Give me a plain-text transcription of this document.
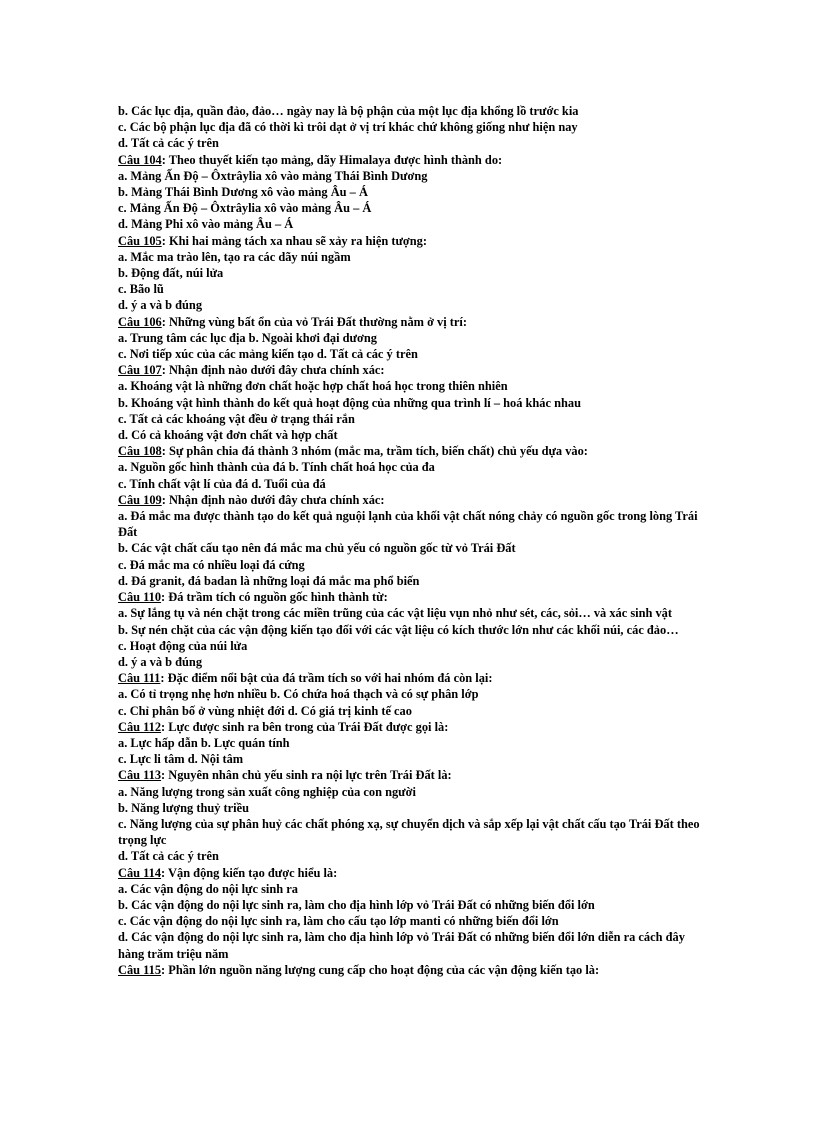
b. Các lục địa, quần đảo, đảo… ngày nay là bộ phận của một lục địa khổng lồ trước kia
c. Các bộ phận lục địa đã có thời kì trôi dạt ở vị trí khác chứ không giống như hiện nay
d. Tất cả các ý trên
Câu 104: Theo thuyết kiến tạo mảng, dãy Himalaya được hình thành do:
a. Mảng Ấn Độ – Ôxtrâylia xô vào mảng Thái Bình Dương
b. Mảng Thái Bình Dương xô vào mảng Âu – Á
c. Mảng Ấn Độ – Ôxtrâylia xô vào mảng Âu – Á
d. Mảng Phi xô vào mảng Âu – Á
Câu 105: Khi hai mảng tách xa nhau sẽ xảy ra hiện tượng:
a. Mắc ma trào lên, tạo ra các dãy núi ngầm
b. Động đất, núi lửa
c. Bão lũ
d. ý a và b đúng
Câu 106: Những vùng bất ổn của vỏ Trái Đất thường nằm ở vị trí:
a. Trung tâm các lục địa b. Ngoài khơi đại dương
c. Nơi tiếp xúc của các mảng kiến tạo d. Tất cả các ý trên
Câu 107: Nhận định nào dưới đây chưa chính xác:
a. Khoáng vật là những đơn chất hoặc hợp chất hoá học trong thiên nhiên
b. Khoáng vật hình thành do kết quả hoạt động của những qua trình lí – hoá khác nhau
c. Tất cả các khoáng vật đều ở trạng thái rắn
d. Có cả khoáng vật đơn chất và hợp chất
Câu 108: Sự phân chia đá thành 3 nhóm (mắc ma, trầm tích, biến chất) chủ yếu dựa vào:
a. Nguồn gốc hình thành của đá b. Tính chất hoá học của đa
c. Tính chất vật lí của đá d. Tuổi của đá
Câu 109: Nhận định nào dưới đây chưa chính xác:
a. Đá mắc ma được thành tạo do kết quả nguội lạnh của khối vật chất nóng chảy có nguồn gốc trong lòng Trái Đất
b. Các vật chất cấu tạo nên đá mắc ma chủ yếu có nguồn gốc từ vỏ Trái Đất
c. Đá mắc ma có nhiều loại đá cứng
d. Đá granit, đá badan là những loại đá mắc ma phổ biến
Câu 110: Đá trầm tích có nguồn gốc hình thành từ:
a. Sự lắng tụ và nén chặt trong các miền trũng của các vật liệu vụn nhỏ như sét, các, sỏi… và xác sinh vật
b. Sự nén chặt của các vận động kiến tạo đối với các vật liệu có kích thước lớn như các khối núi, các đảo…
c. Hoạt động của núi lửa
d. ý a và b đúng
Câu 111: Đặc điểm nổi bật của đá trầm tích so với hai nhóm đá còn lại:
a. Có tỉ trọng nhẹ hơn nhiều b. Có chứa hoá thạch và có sự phân lớp
c. Chỉ phân bố ở vùng nhiệt đới d. Có giá trị kinh tế cao
Câu 112: Lực được sinh ra bên trong của Trái Đất được gọi là:
a. Lực hấp dẫn b. Lực quán tính
c. Lực li tâm d. Nội tâm
Câu 113: Nguyên nhân chủ yếu sinh ra nội lực trên Trái Đất là:
a. Năng lượng trong sản xuất công nghiệp của con người
b. Năng lượng thuỷ triều
c. Năng lượng của sự phân huỷ các chất phóng xạ, sự chuyển dịch và sắp xếp lại vật chất cấu tạo Trái Đất theo trọng lực
d. Tất cả các ý trên
Câu 114: Vận động kiến tạo được hiểu là:
a. Các vận động do nội lực sinh ra
b. Các vận động do nội lực sinh ra, làm cho địa hình lớp vỏ Trái Đất có những biến đổi lớn
c. Các vận động do nội lực sinh ra, làm cho cấu tạo lớp manti có những biến đổi lớn
d. Các vận động do nội lực sinh ra, làm cho địa hình lớp vỏ Trái Đất có những biến đổi lớn diễn ra cách đây hàng trăm triệu năm
Câu 115: Phần lớn nguồn năng lượng cung cấp cho hoạt động của các vận động kiến tạo là:
